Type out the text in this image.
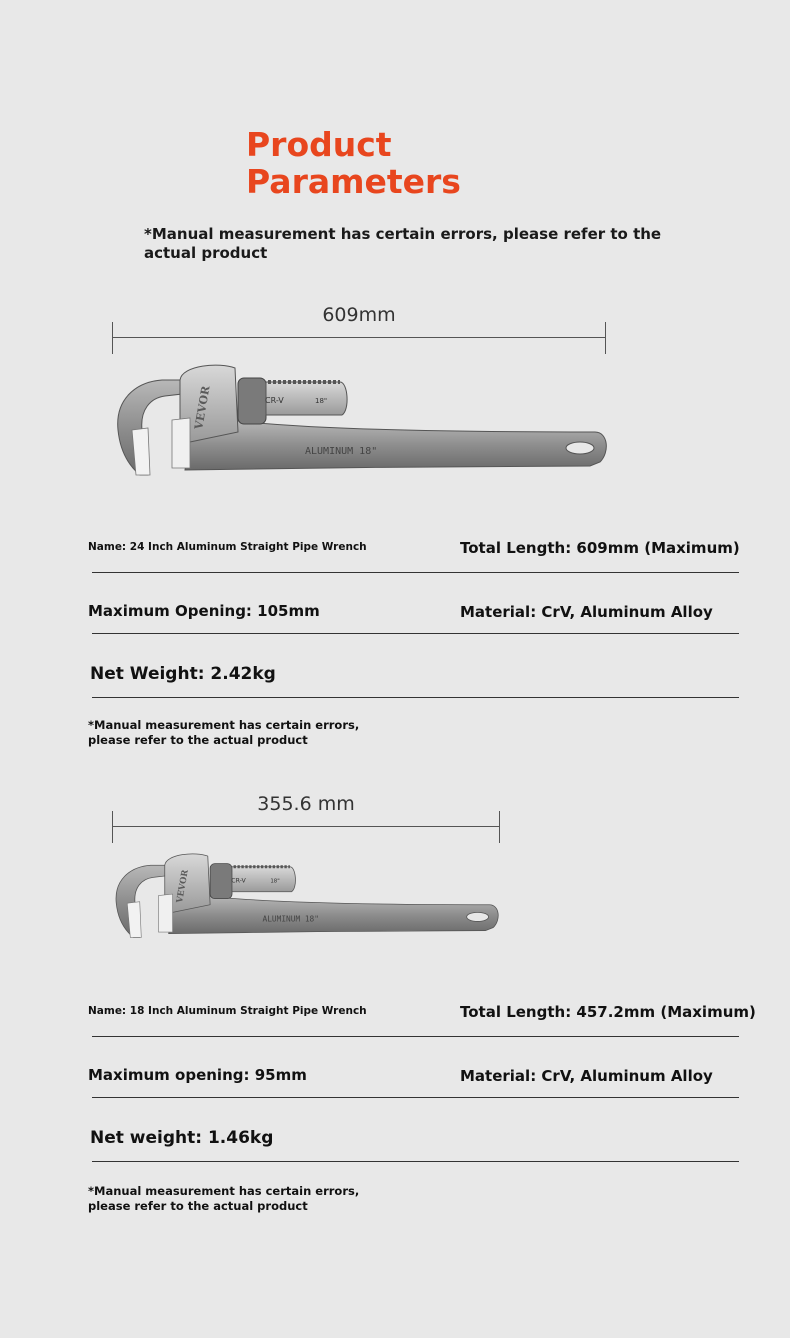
Product
Parameters
*Manual measurement has certain errors, please refer to the actual product
609mm
VEVOR
ALUMINUM 18"
CR-V	18"
Name: 24 Inch Aluminum Straight Pipe Wrench	Total Length: 609mm (Maximum)
Maximum Opening: 105mm	Material: CrV, Aluminum Alloy
Net Weight: 2.42kg
*Manual measurement has certain errors,
please refer to the actual product
355.6 mm
VEVOR
ALUMINUM 18"
CR-V	18"
Name: 18 Inch Aluminum Straight Pipe Wrench	Total Length: 457.2mm (Maximum)
Maximum opening: 95mm	Material: CrV, Aluminum Alloy
Net weight: 1.46kg
*Manual measurement has certain errors,
please refer to the actual product
